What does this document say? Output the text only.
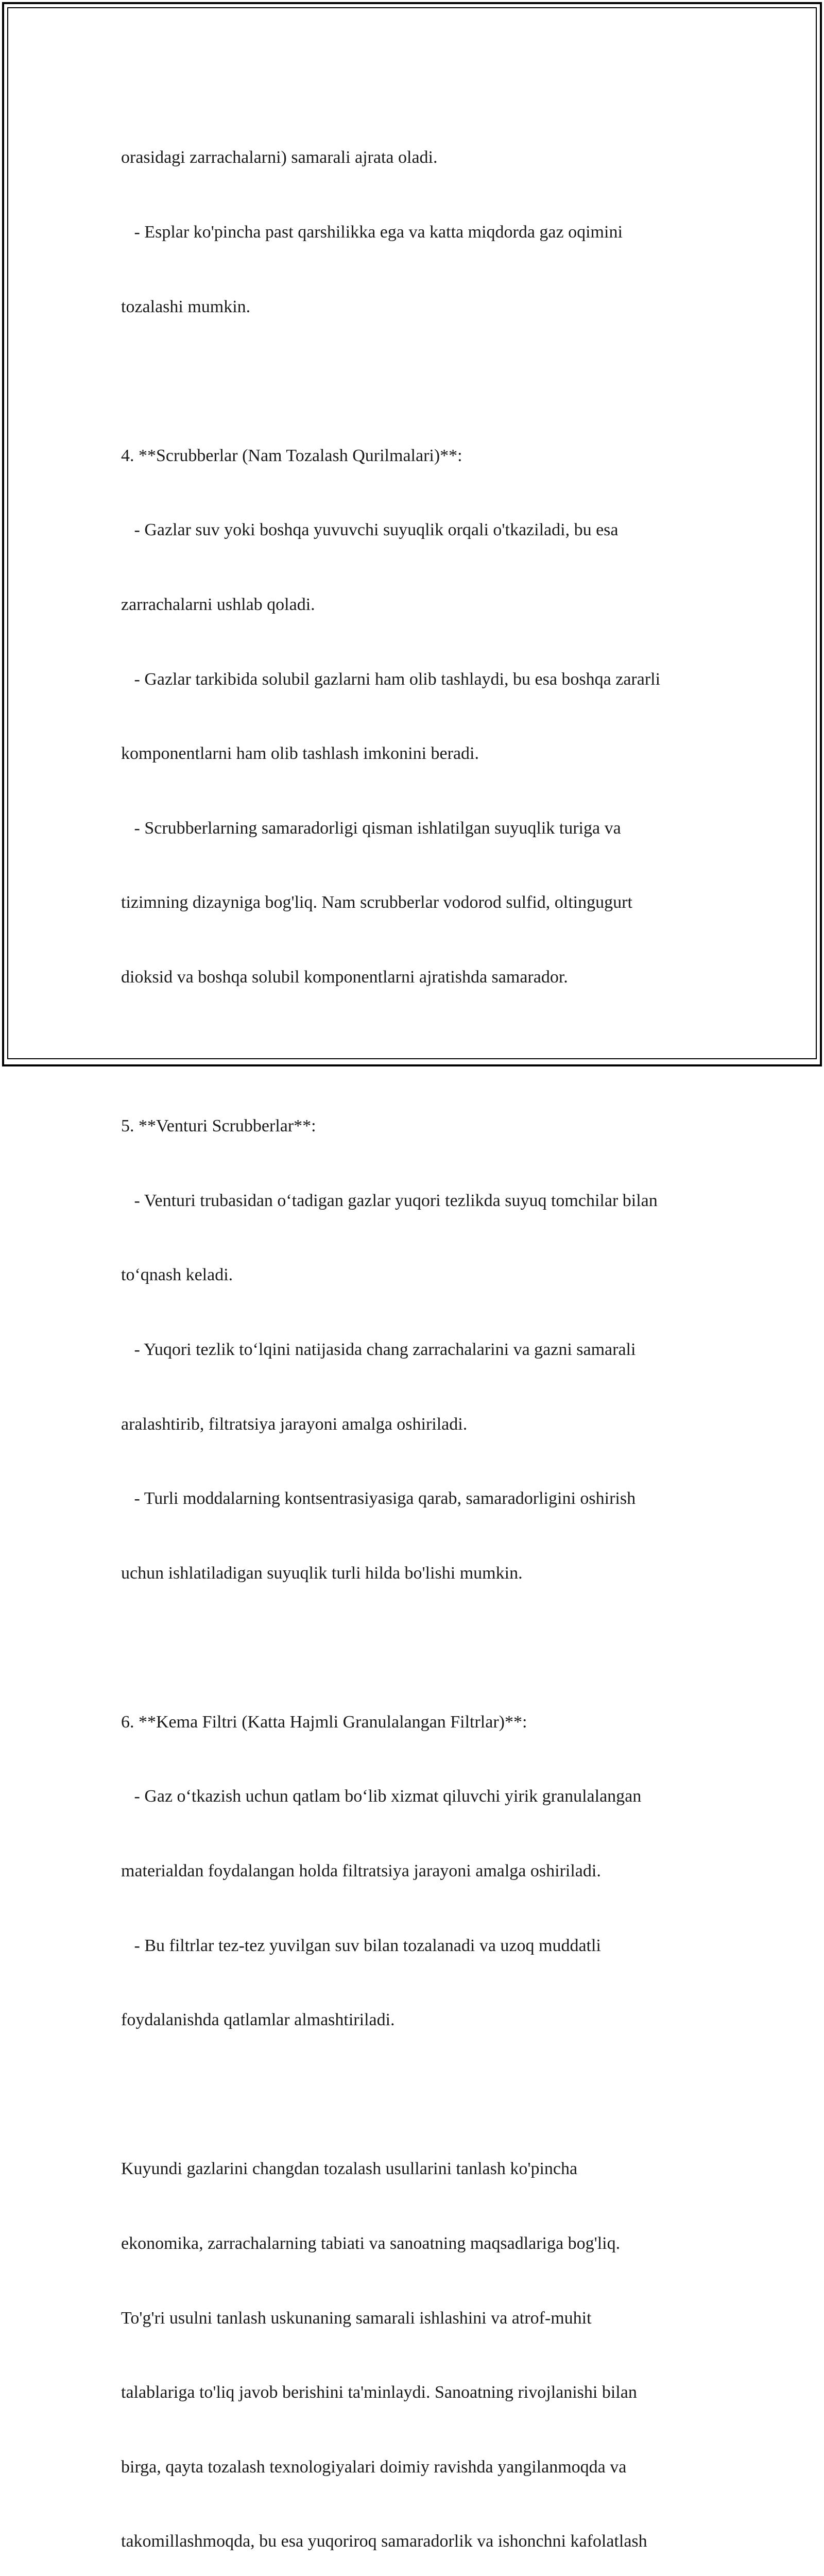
orasidagi zarrachalarni) samarali ajrata oladi.

- Esplar ko'pincha past qarshilikka ega va katta miqdorda gaz oqimini

tozalashi mumkin.

4. **Scrubberlar (Nam Tozalash Qurilmalari)**:

- Gazlar suv yoki boshqa yuvuvchi suyuqlik orqali o'tkaziladi, bu esa

zarrachalarni ushlab qoladi.

- Gazlar tarkibida solubil gazlarni ham olib tashlaydi, bu esa boshqa zararli

komponentlarni ham olib tashlash imkonini beradi.

- Scrubberlarning samaradorligi qisman ishlatilgan suyuqlik turiga va

tizimning dizayniga bog'liq. Nam scrubberlar vodorod sulfid, oltingugurt

dioksid va boshqa solubil komponentlarni ajratishda samarador.

5. **Venturi Scrubberlar**:

- Venturi trubasidan o‘tadigan gazlar yuqori tezlikda suyuq tomchilar bilan

to‘qnash keladi.

- Yuqori tezlik to‘lqini natijasida chang zarrachalarini va gazni samarali

aralashtirib, filtratsiya jarayoni amalga oshiriladi.

- Turli moddalarning kontsentrasiyasiga qarab, samaradorligini oshirish

uchun ishlatiladigan suyuqlik turli hilda bo'lishi mumkin.

6. **Kema Filtri (Katta Hajmli Granulalangan Filtrlar)**:

- Gaz o‘tkazish uchun qatlam bo‘lib xizmat qiluvchi yirik granulalangan

materialdan foydalangan holda filtratsiya jarayoni amalga oshiriladi.

- Bu filtrlar tez-tez yuvilgan suv bilan tozalanadi va uzoq muddatli

foydalanishda qatlamlar almashtiriladi.

Kuyundi gazlarini changdan tozalash usullarini tanlash ko'pincha

ekonomika, zarrachalarning tabiati va sanoatning maqsadlariga bog'liq.

To'g'ri usulni tanlash uskunaning samarali ishlashini va atrof-muhit

talablariga to'liq javob berishini ta'minlaydi. Sanoatning rivojlanishi bilan

birga, qayta tozalash texnologiyalari doimiy ravishda yangilanmoqda va

takomillashmoqda, bu esa yuqoriroq samaradorlik va ishonchni kafolatlash
